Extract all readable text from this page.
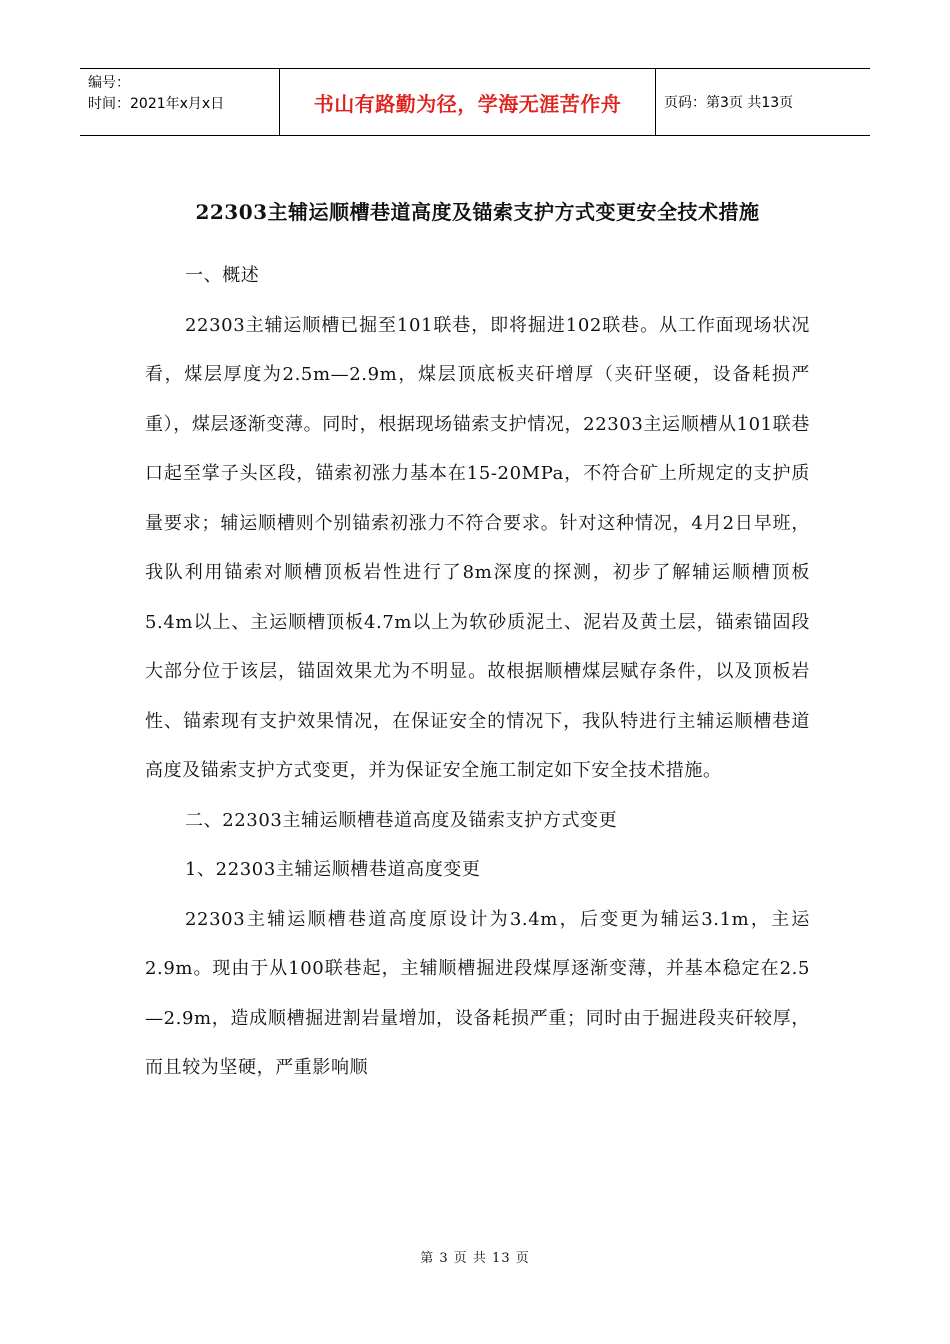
编号：
时间：2021年x月x日	书山有路勤为径，学海无涯苦作舟	页码：第3页 共13页
22303主辅运顺槽巷道高度及锚索支护方式变更安全技术措施

一、概述

22303主辅运顺槽已掘至101联巷，即将掘进102联巷。从工作面现场状况看，煤层厚度为2.5m—2.9m，煤层顶底板夹矸增厚（夹矸坚硬，设备耗损严重），煤层逐渐变薄。同时，根据现场锚索支护情况，22303主运顺槽从101联巷口起至掌子头区段，锚索初涨力基本在15-20MPa，不符合矿上所规定的支护质量要求；辅运顺槽则个别锚索初涨力不符合要求。针对这种情况，4月2日早班，我队利用锚索对顺槽顶板岩性进行了8m深度的探测，初步了解辅运顺槽顶板5.4m以上、主运顺槽顶板4.7m以上为软砂质泥土、泥岩及黄土层，锚索锚固段大部分位于该层，锚固效果尤为不明显。故根据顺槽煤层赋存条件，以及顶板岩性、锚索现有支护效果情况，在保证安全的情况下，我队特进行主辅运顺槽巷道高度及锚索支护方式变更，并为保证安全施工制定如下安全技术措施。

二、22303主辅运顺槽巷道高度及锚索支护方式变更

1、22303主辅运顺槽巷道高度变更

22303主辅运顺槽巷道高度原设计为3.4m，后变更为辅运3.1m，主运2.9m。现由于从100联巷起，主辅顺槽掘进段煤厚逐渐变薄，并基本稳定在2.5—2.9m，造成顺槽掘进割岩量增加，设备耗损严重；同时由于掘进段夹矸较厚，而且较为坚硬，严重影响顺

第 3 页 共 13 页
